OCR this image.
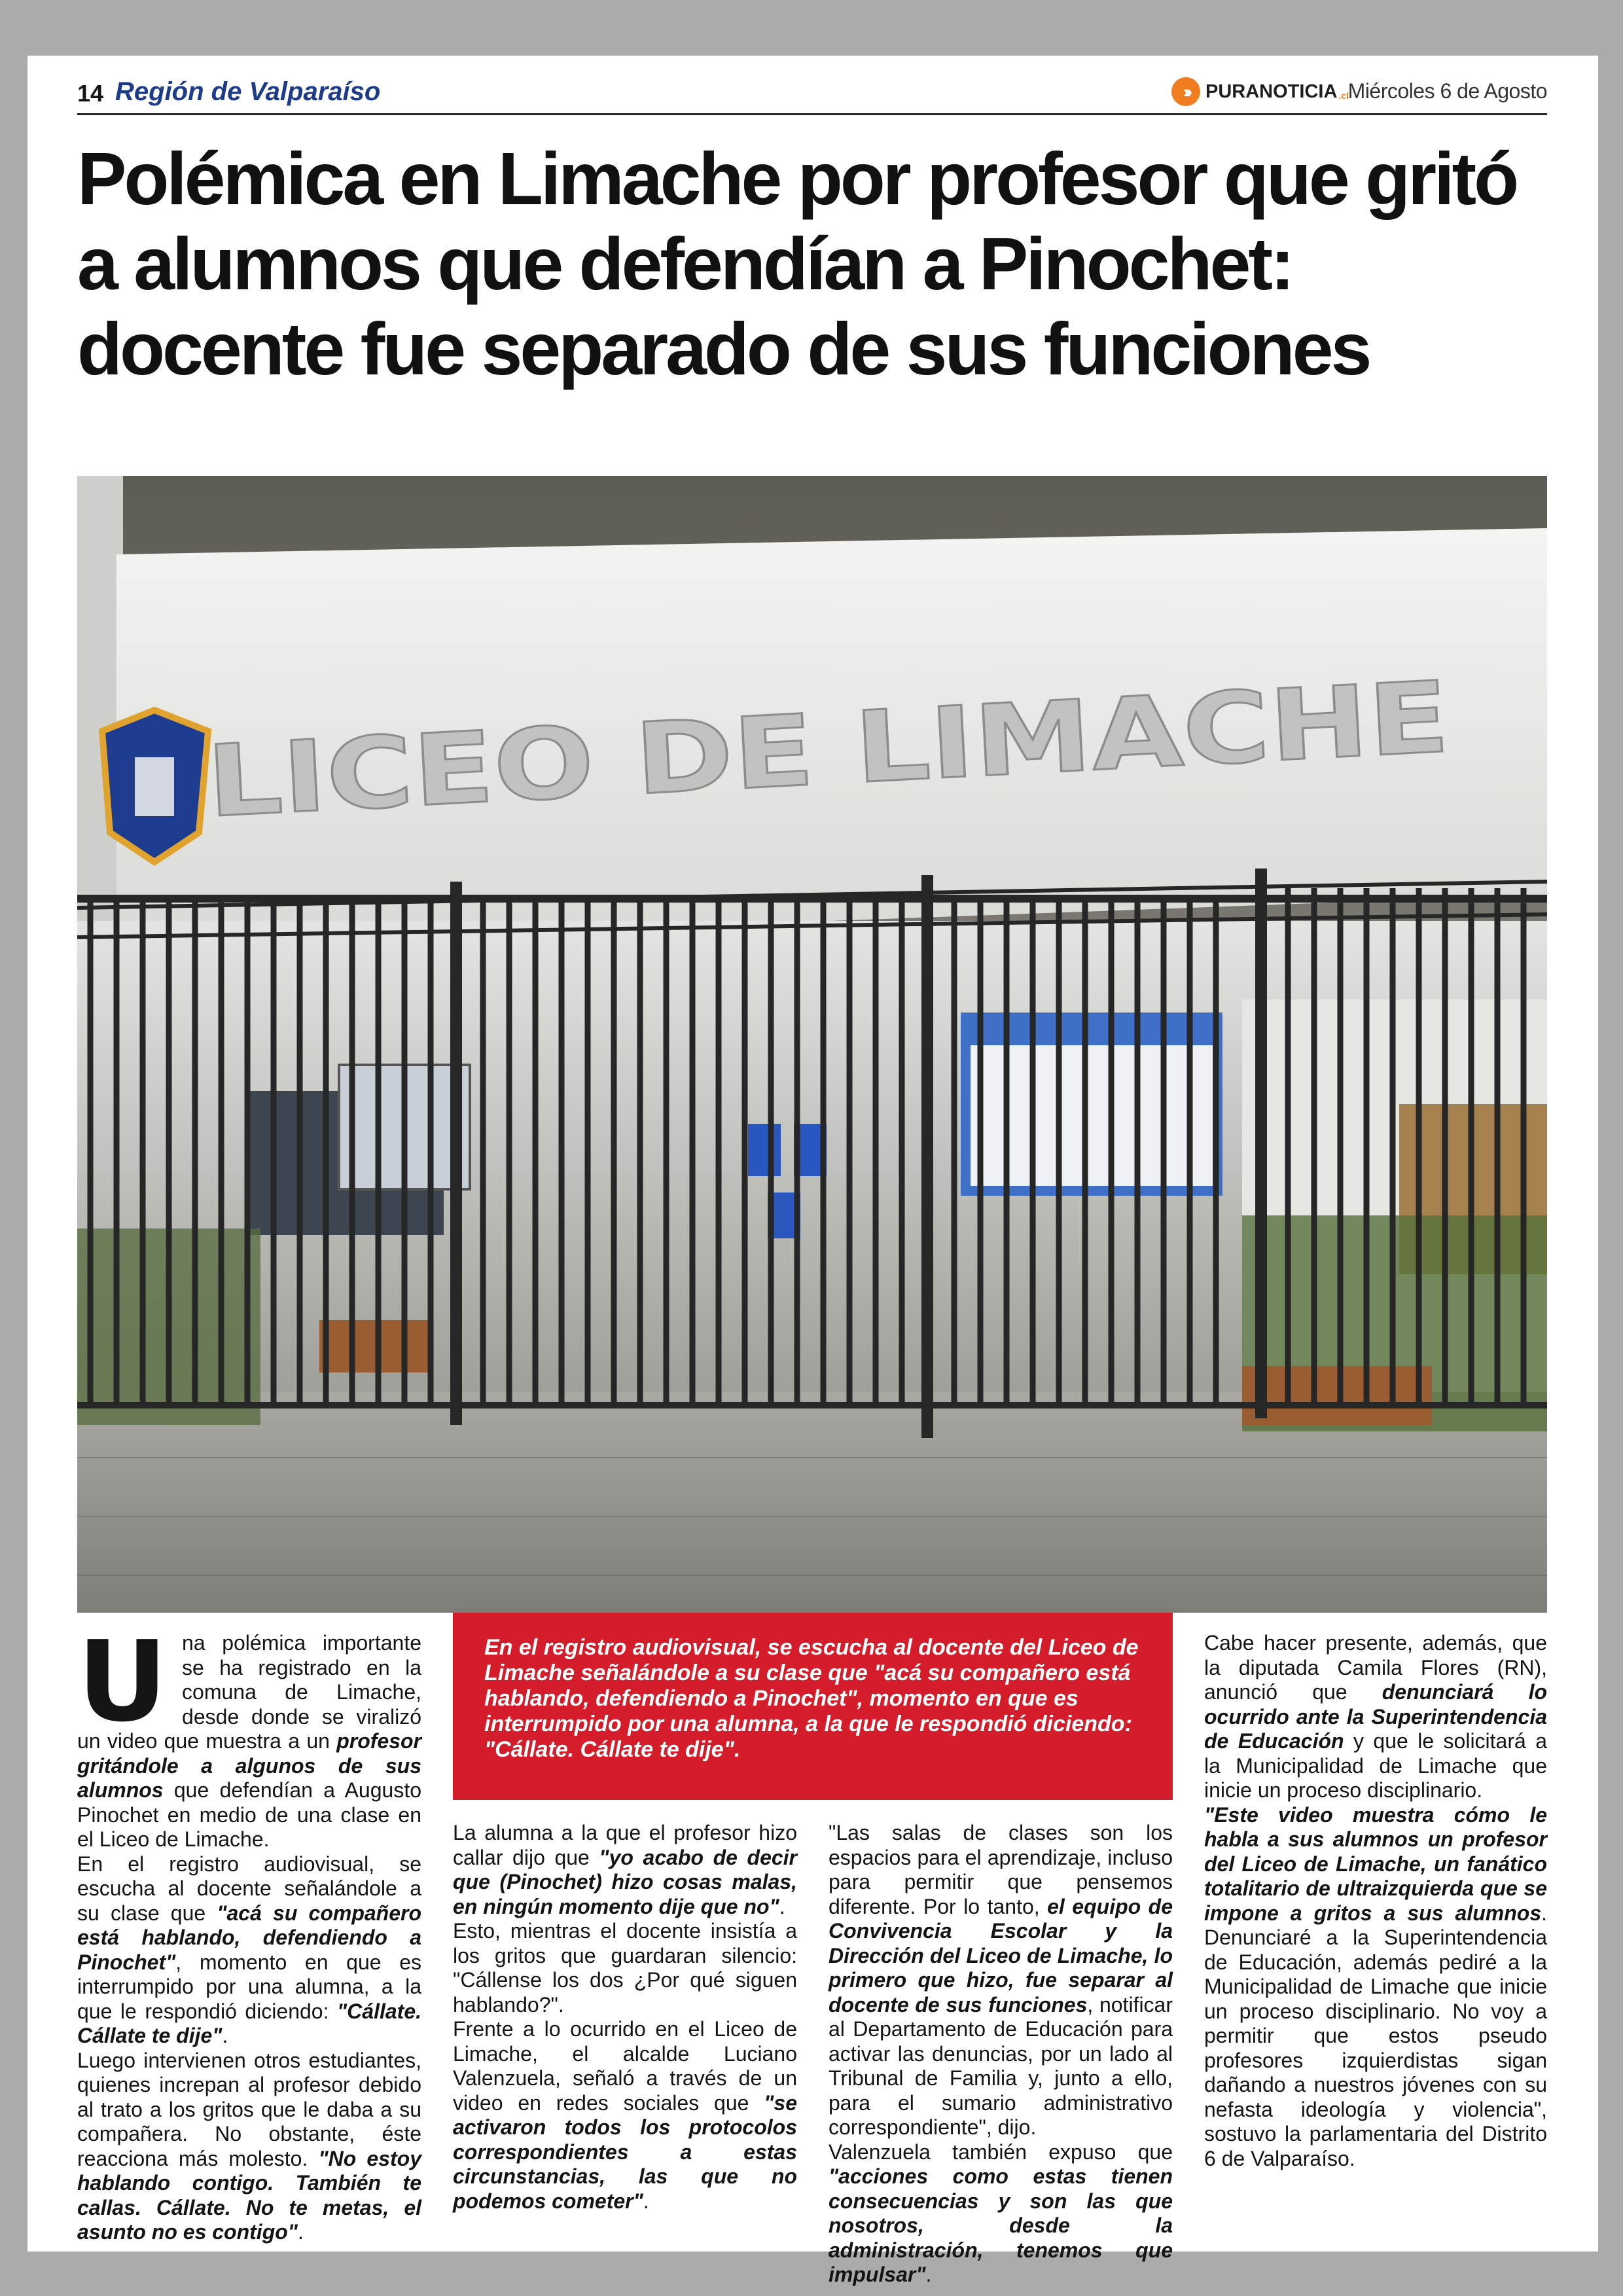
14 Región de Valparaíso	››› PURANOTICIA .cl
Miércoles 6 de Agosto
Polémica en Limache por profesor que gritó a alumnos que defendían a Pinochet: docente fue separado de sus funciones
LICEO DE LIMACHE
U na polémica importante se ha registrado en la comuna de Limache, desde donde se viralizó un video que muestra a un profesor gritándole a algunos de sus alumnos que defendían a Augusto Pinochet en medio de una clase en el Liceo de Limache.

En el registro audiovisual, se escucha al docente señalándole a su clase que "acá su compañero está hablando, defendiendo a Pinochet", momento en que es interrumpido por una alumna, a la que le respondió diciendo: "Cállate. Cállate te dije".

Luego intervienen otros estudiantes, quienes increpan al profesor debido al trato a los gritos que le daba a su compañera. No obstante, éste reacciona más molesto. "No estoy hablando contigo. También te callas. Cállate. No te metas, el asunto no es contigo".

En el registro audiovisual, se escucha al docente del Liceo de Limache señalándole a su clase que "acá su compañero está hablando, defendiendo a Pinochet", momento en que es interrumpido por una alumna, a la que le respondió diciendo: "Cállate. Cállate te dije".

La alumna a la que el profesor hizo callar dijo que "yo acabo de decir que (Pinochet) hizo cosas malas, en ningún momento dije que no".

Esto, mientras el docente insistía a los gritos que guardaran silencio: "Cállense los dos ¿Por qué siguen hablando?".

Frente a lo ocurrido en el Liceo de Limache, el alcalde Luciano Valenzuela, señaló a través de un video en redes sociales que "se activaron todos los protocolos correspondientes a estas circunstancias, las que no podemos cometer".

"Las salas de clases son los espacios para el aprendizaje, incluso para permitir que pensemos diferente. Por lo tanto, el equipo de Convivencia Escolar y la Dirección del Liceo de Limache, lo primero que hizo, fue separar al docente de sus funciones, notificar al Departamento de Educación para activar las denuncias, por un lado al Tribunal de Familia y, junto a ello, para el sumario administrativo correspondiente", dijo.

Valenzuela también expuso que "acciones como estas tienen consecuencias y son las que nosotros, desde la administración, tenemos que impulsar".

Cabe hacer presente, además, que la diputada Camila Flores (RN), anunció que denunciará lo ocurrido ante la Superintendencia de Educación y que le solicitará a la Municipalidad de Limache que inicie un proceso disciplinario.

"Este video muestra cómo le habla a sus alumnos un profesor del Liceo de Limache, un fanático totalitario de ultraizquierda que se impone a gritos a sus alumnos. Denunciaré a la Superintendencia de Educación, además pediré a la Municipalidad de Limache que inicie un proceso disciplinario. No voy a permitir que estos pseudo profesores izquierdistas sigan dañando a nuestros jóvenes con su nefasta ideología y violencia", sostuvo la parlamentaria del Distrito 6 de Valparaíso.
